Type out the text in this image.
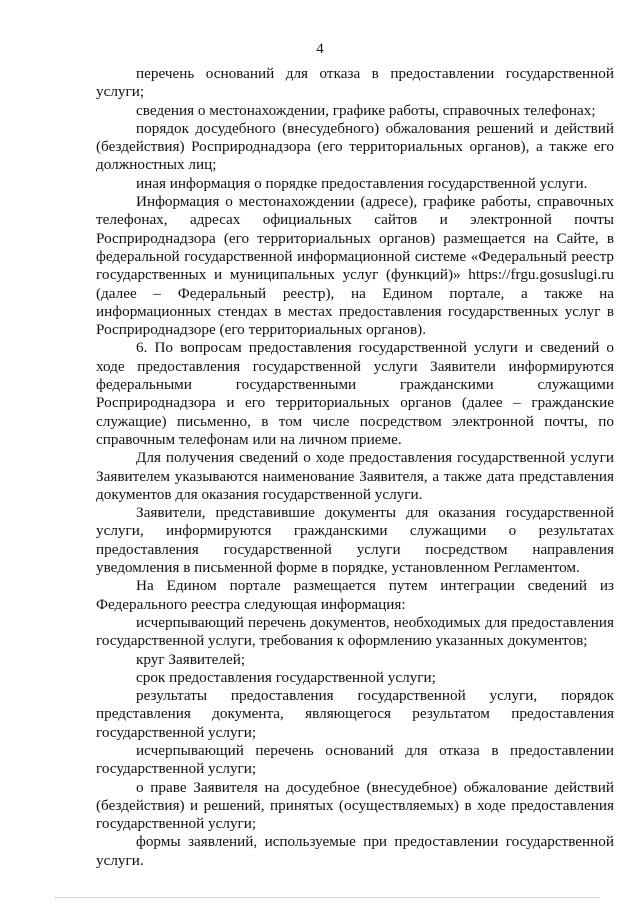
4

перечень оснований для отказа в предоставлении государственной услуги;

сведения о местонахождении, графике работы, справочных телефонах;

порядок досудебного (внесудебного) обжалования решений и действий (бездействия) Росприроднадзора (его территориальных органов), а также его должностных лиц;

иная информация о порядке предоставления государственной услуги.

Информация о местонахождении (адресе), графике работы, справочных телефонах, адресах официальных сайтов и электронной почты Росприроднадзора (его территориальных органов) размещается на Сайте, в федеральной государственной информационной системе «Федеральный реестр государственных и муниципальных услуг (функций)» https://frgu.gosuslugi.ru (далее – Федеральный реестр), на Едином портале, а также на информационных стендах в местах предоставления государственных услуг в Росприроднадзоре (его территориальных органов).

6. По вопросам предоставления государственной услуги и сведений о ходе предоставления государственной услуги Заявители информируются федеральными государственными гражданскими служащими Росприроднадзора и его территориальных органов (далее – гражданские служащие) письменно, в том числе посредством электронной почты, по справочным телефонам или на личном приеме.

Для получения сведений о ходе предоставления государственной услуги Заявителем указываются наименование Заявителя, а также дата представления документов для оказания государственной услуги.

Заявители, представившие документы для оказания государственной услуги, информируются гражданскими служащими о результатах предоставления государственной услуги посредством направления уведомления в письменной форме в порядке, установленном Регламентом.

На Едином портале размещается путем интеграции сведений из Федерального реестра следующая информация:

исчерпывающий перечень документов, необходимых для предоставления государственной услуги, требования к оформлению указанных документов;

круг Заявителей;

срок предоставления государственной услуги;

результаты предоставления государственной услуги, порядок представления документа, являющегося результатом предоставления государственной услуги;

исчерпывающий перечень оснований для отказа в предоставлении государственной услуги;

о праве Заявителя на досудебное (внесудебное) обжалование действий (бездействия) и решений, принятых (осуществляемых) в ходе предоставления государственной услуги;

формы заявлений, используемые при предоставлении государственной услуги.
